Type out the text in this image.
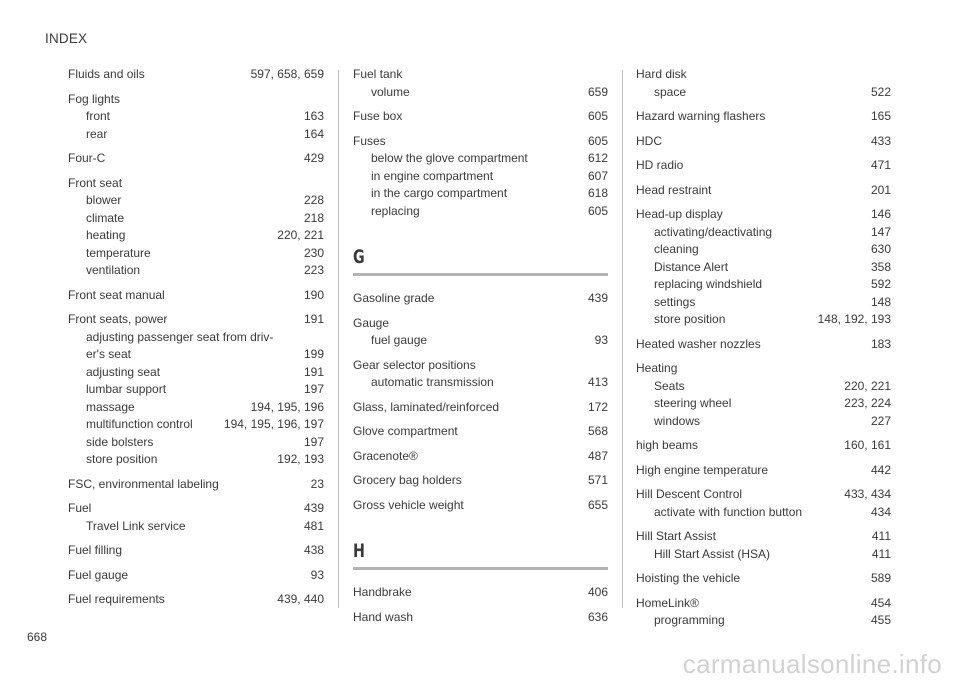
INDEX
Fluids and oils	597, 658, 659
Fog lights
front	163
rear	164
Four-C	429
Front seat
blower	228
climate	218
heating	220, 221
temperature	230
ventilation	223
Front seat manual	190
Front seats, power	191
adjusting passenger seat from driv-
er's seat	199
adjusting seat	191
lumbar support	197
massage	194, 195, 196
multifunction control	194, 195, 196, 197
side bolsters	197
store position	192, 193
FSC, environmental labeling	23
Fuel	439
Travel Link service	481
Fuel filling	438
Fuel gauge	93
Fuel requirements	439, 440
Fuel tank
volume	659
Fuse box	605
Fuses	605
below the glove compartment	612
in engine compartment	607
in the cargo compartment	618
replacing	605
G
Gasoline grade	439
Gauge
fuel gauge	93
Gear selector positions
automatic transmission	413
Glass, laminated/reinforced	172
Glove compartment	568
Gracenote®	487
Grocery bag holders	571
Gross vehicle weight	655
H
Handbrake	406
Hand wash	636
Hard disk
space	522
Hazard warning flashers	165
HDC	433
HD radio	471
Head restraint	201
Head-up display	146
activating/deactivating	147
cleaning	630
Distance Alert	358
replacing windshield	592
settings	148
store position	148, 192, 193
Heated washer nozzles	183
Heating
Seats	220, 221
steering wheel	223, 224
windows	227
high beams	160, 161
High engine temperature	442
Hill Descent Control	433, 434
activate with function button	434
Hill Start Assist	411
Hill Start Assist (HSA)	411
Hoisting the vehicle	589
HomeLink®	454
programming	455
668
carmanualsonline.info
